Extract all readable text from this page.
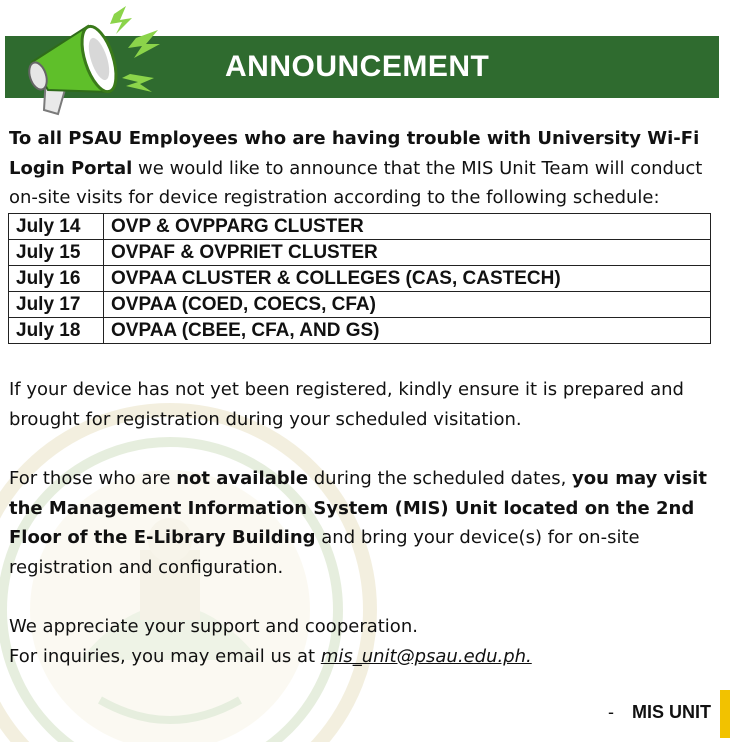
ANNOUNCEMENT

To all PSAU Employees who are having trouble with University Wi-Fi Login Portal we would like to announce that the MIS Unit Team will conduct on-site visits for device registration according to the following schedule:

July 14	OVP & OVPPARG CLUSTER
July 15	OVPAF & OVPRIET CLUSTER
July 16	OVPAA CLUSTER & COLLEGES (CAS, CASTECH)
July 17	OVPAA (COED, COECS, CFA)
July 18	OVPAA (CBEE, CFA, AND GS)

If your device has not yet been registered, kindly ensure it is prepared and brought for registration during your scheduled visitation.

For those who are not available during the scheduled dates, you may visit the Management Information System (MIS) Unit located on the 2nd Floor of the E-Library Building and bring your device(s) for on-site registration and configuration.

We appreciate your support and cooperation.
For inquiries, you may email us at mis_unit@psau.edu.ph.

- MIS UNIT
